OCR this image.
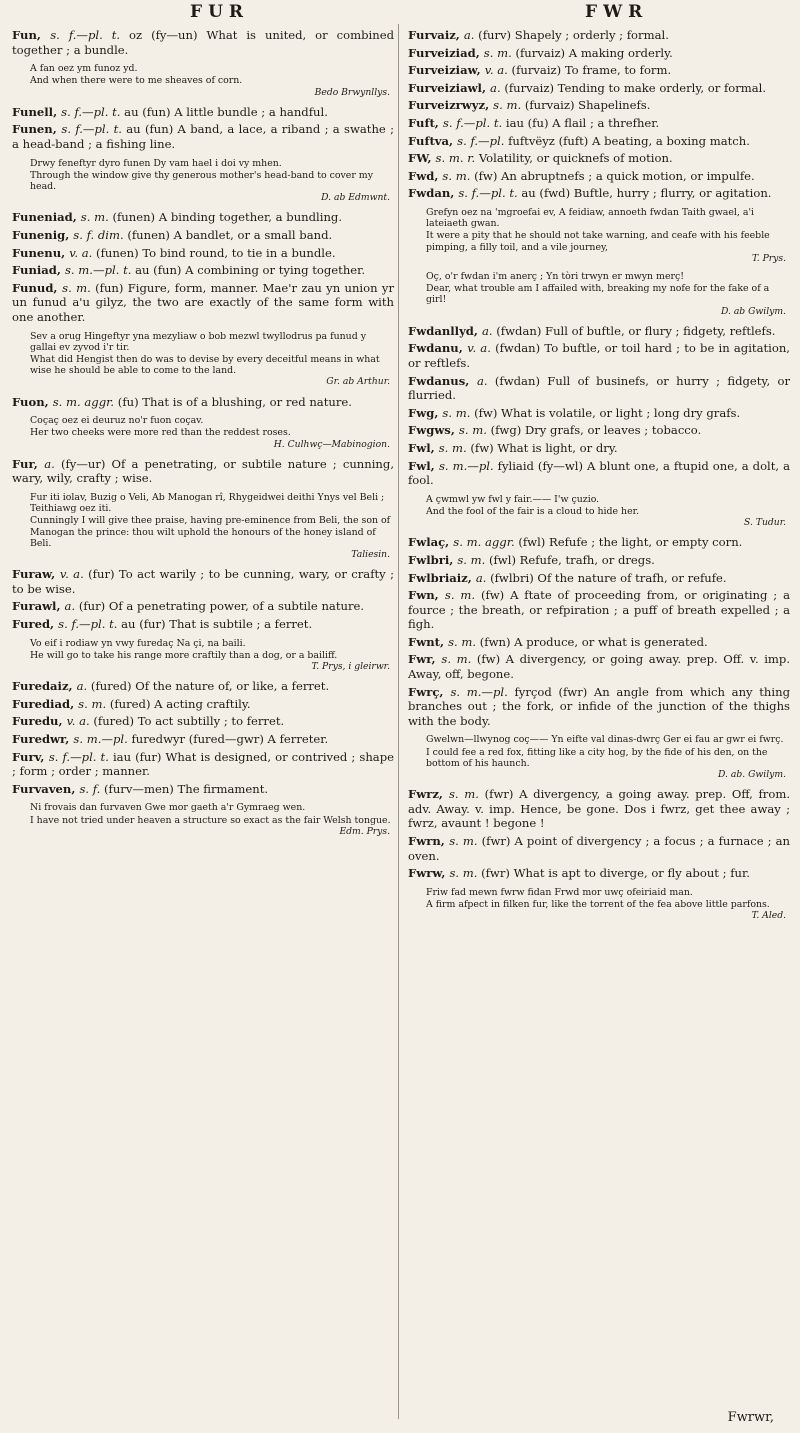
FUR	FWR
Fun, s. f.—pl. t. oz (fy—un) What is united, or combined together ; a bundle.
A fan oez ym funoz yd.
And when there were to me sheaves of corn.
Bedo Brwynllys.
Funell, s. f.—pl. t. au (fun) A little bundle ; a handful.
Funen, s. f.—pl. t. au (fun) A band, a lace, a riband ; a swathe ; a head-band ; a fishing line.
Drwy feneftyr dyro funen Dy vam hael i doi vy mhen.
Through the window give thy generous mother's head-band to cover my head.
D. ab Edmwnt.
Funeniad, s. m. (funen) A binding together, a bundling.
Funenig, s. f. dim. (funen) A bandlet, or a small band.
Funenu, v. a. (funen) To bind round, to tie in a bundle.
Funiad, s. m.—pl. t. au (fun) A combining or tying together.
Funud, s. m. (fun) Figure, form, manner. Mae'r zau yn union yr un funud a'u gilyz, the two are exactly of the same form with one another.
Sev a orug Hingeftyr yna mezyliaw o bob mezwl twyllodrus pa funud y gallai ev zyvod i'r tir.
What did Hengist then do was to devise by every deceitful means in what wise he should be able to come to the land.
Gr. ab Arthur.
Fuon, s. m. aggr. (fu) That is of a blushing, or red nature.
Coçaç oez ei deuruz no'r fuon coçav.
Her two cheeks were more red than the reddest roses.
H. Culhwç—Mabinogion.
Fur, a. (fy—ur) Of a penetrating, or subtile nature ; cunning, wary, wily, crafty ; wise.
Fur iti iolav, Buzig o Veli, Ab Manogan rî, Rhygeidwei deithi Ynys vel Beli ; Teithiawg oez iti.
Cunningly I will give thee praise, having pre-eminence from Beli, the son of Manogan the prince: thou wilt uphold the honours of the honey island of Beli.
Taliesin.
Furaw, v. a. (fur) To act warily ; to be cunning, wary, or crafty ; to be wise.
Furawl, a. (fur) Of a penetrating power, of a subtile nature.
Fured, s. f.—pl. t. au (fur) That is subtile ; a ferret.
Vo eif i rodiaw yn vwy furedaç Na çi, na baili.
He will go to take his range more craftily than a dog, or a bailiff.
T. Prys, i gleirwr.
Furedaiz, a. (fured) Of the nature of, or like, a ferret.
Furediad, s. m. (fured) A acting craftily.
Furedu, v. a. (fured) To act subtilly ; to ferret.
Furedwr, s. m.—pl. furedwyr (fured—gwr) A ferreter.
Furv, s. f.—pl. t. iau (fur) What is designed, or contrived ; shape ; form ; order ; manner.
Furvaven, s. f. (furv—men) The firmament.
Ni frovais dan furvaven Gwe mor gaeth a'r Gymraeg wen.
I have not tried under heaven a structure so exact as the fair Welsh tongue.
Edm. Prys.
Furvaiz, a. (furv) Shapely ; orderly ; formal.
Furveiziad, s. m. (furvaiz) A making orderly.
Furveiziaw, v. a. (furvaiz) To frame, to form.
Furveiziawl, a. (furvaiz) Tending to make orderly, or formal.
Furveizrwyz, s. m. (furvaiz) Shapelinefs.
Fuft, s. f.—pl. t. iau (fu) A flail ; a threfher.
Fuftva, s. f.—pl. fuftvëyz (fuft) A beating, a boxing match.
FW, s. m. r. Volatility, or quicknefs of motion.
Fwd, s. m. (fw) An abruptnefs ; a quick motion, or impulfe.
Fwdan, s. f.—pl. t. au (fwd) Buftle, hurry ; flurry, or agitation.
Grefyn oez na 'mgroefai ev, A feidiaw, annoeth fwdan Taith gwael, a'i lateiaeth gwan.
It were a pity that he should not take warning, and ceafe with his feeble pimping, a filly toil, and a vile journey,
T. Prys.
Oç, o'r fwdan i'm anerç ; Yn tòri trwyn er mwyn merç!
Dear, what trouble am I affailed with, breaking my nofe for the fake of a girl!
D. ab Gwilym.
Fwdanllyd, a. (fwdan) Full of buftle, or flury ; fidgety, reftlefs.
Fwdanu, v. a. (fwdan) To buftle, or toil hard ; to be in agitation, or reftlefs.
Fwdanus, a. (fwdan) Full of businefs, or hurry ; fidgety, or flurried.
Fwg, s. m. (fw) What is volatile, or light ; long dry grafs.
Fwgws, s. m. (fwg) Dry grafs, or leaves ; tobacco.
Fwl, s. m. (fw) What is light, or dry.
Fwl, s. m.—pl. fyliaid (fy—wl) A blunt one, a ftupid one, a dolt, a fool.
A çwmwl yw fwl y fair.—— I'w çuzio.
And the fool of the fair is a cloud to hide her.
S. Tudur.
Fwlaç, s. m. aggr. (fwl) Refufe ; the light, or empty corn.
Fwlbri, s. m. (fwl) Refufe, trafh, or dregs.
Fwlbriaiz, a. (fwlbri) Of the nature of trafh, or refufe.
Fwn, s. m. (fw) A ftate of proceeding from, or originating ; a fource ; the breath, or refpiration ; a puff of breath expelled ; a figh.
Fwnt, s. m. (fwn) A produce, or what is generated.
Fwr, s. m. (fw) A divergency, or going away. prep. Off. v. imp. Away, off, begone.
Fwrç, s. m.—pl. fyrçod (fwr) An angle from which any thing branches out ; the fork, or infide of the junction of the thighs with the body.
Gwelwn—llwynog coç—— Yn eifte val dinas-dwrç Ger ei fau ar gwr ei fwrç.
I could fee a red fox, fitting like a city hog, by the fide of his den, on the bottom of his haunch.
D. ab. Gwilym.
Fwrz, s. m. (fwr) A divergency, a going away. prep. Off, from. adv. Away. v. imp. Hence, be gone. Dos i fwrz, get thee away ; fwrz, avaunt ! begone !
Fwrn, s. m. (fwr) A point of divergency ; a focus ; a furnace ; an oven.
Fwrw, s. m. (fwr) What is apt to diverge, or fly about ; fur.
Friw fad mewn fwrw fidan Frwd mor uwç ofeiriaid man.
A firm afpect in filken fur, like the torrent of the fea above little parfons.
T. Aled.
Fwrwr,
